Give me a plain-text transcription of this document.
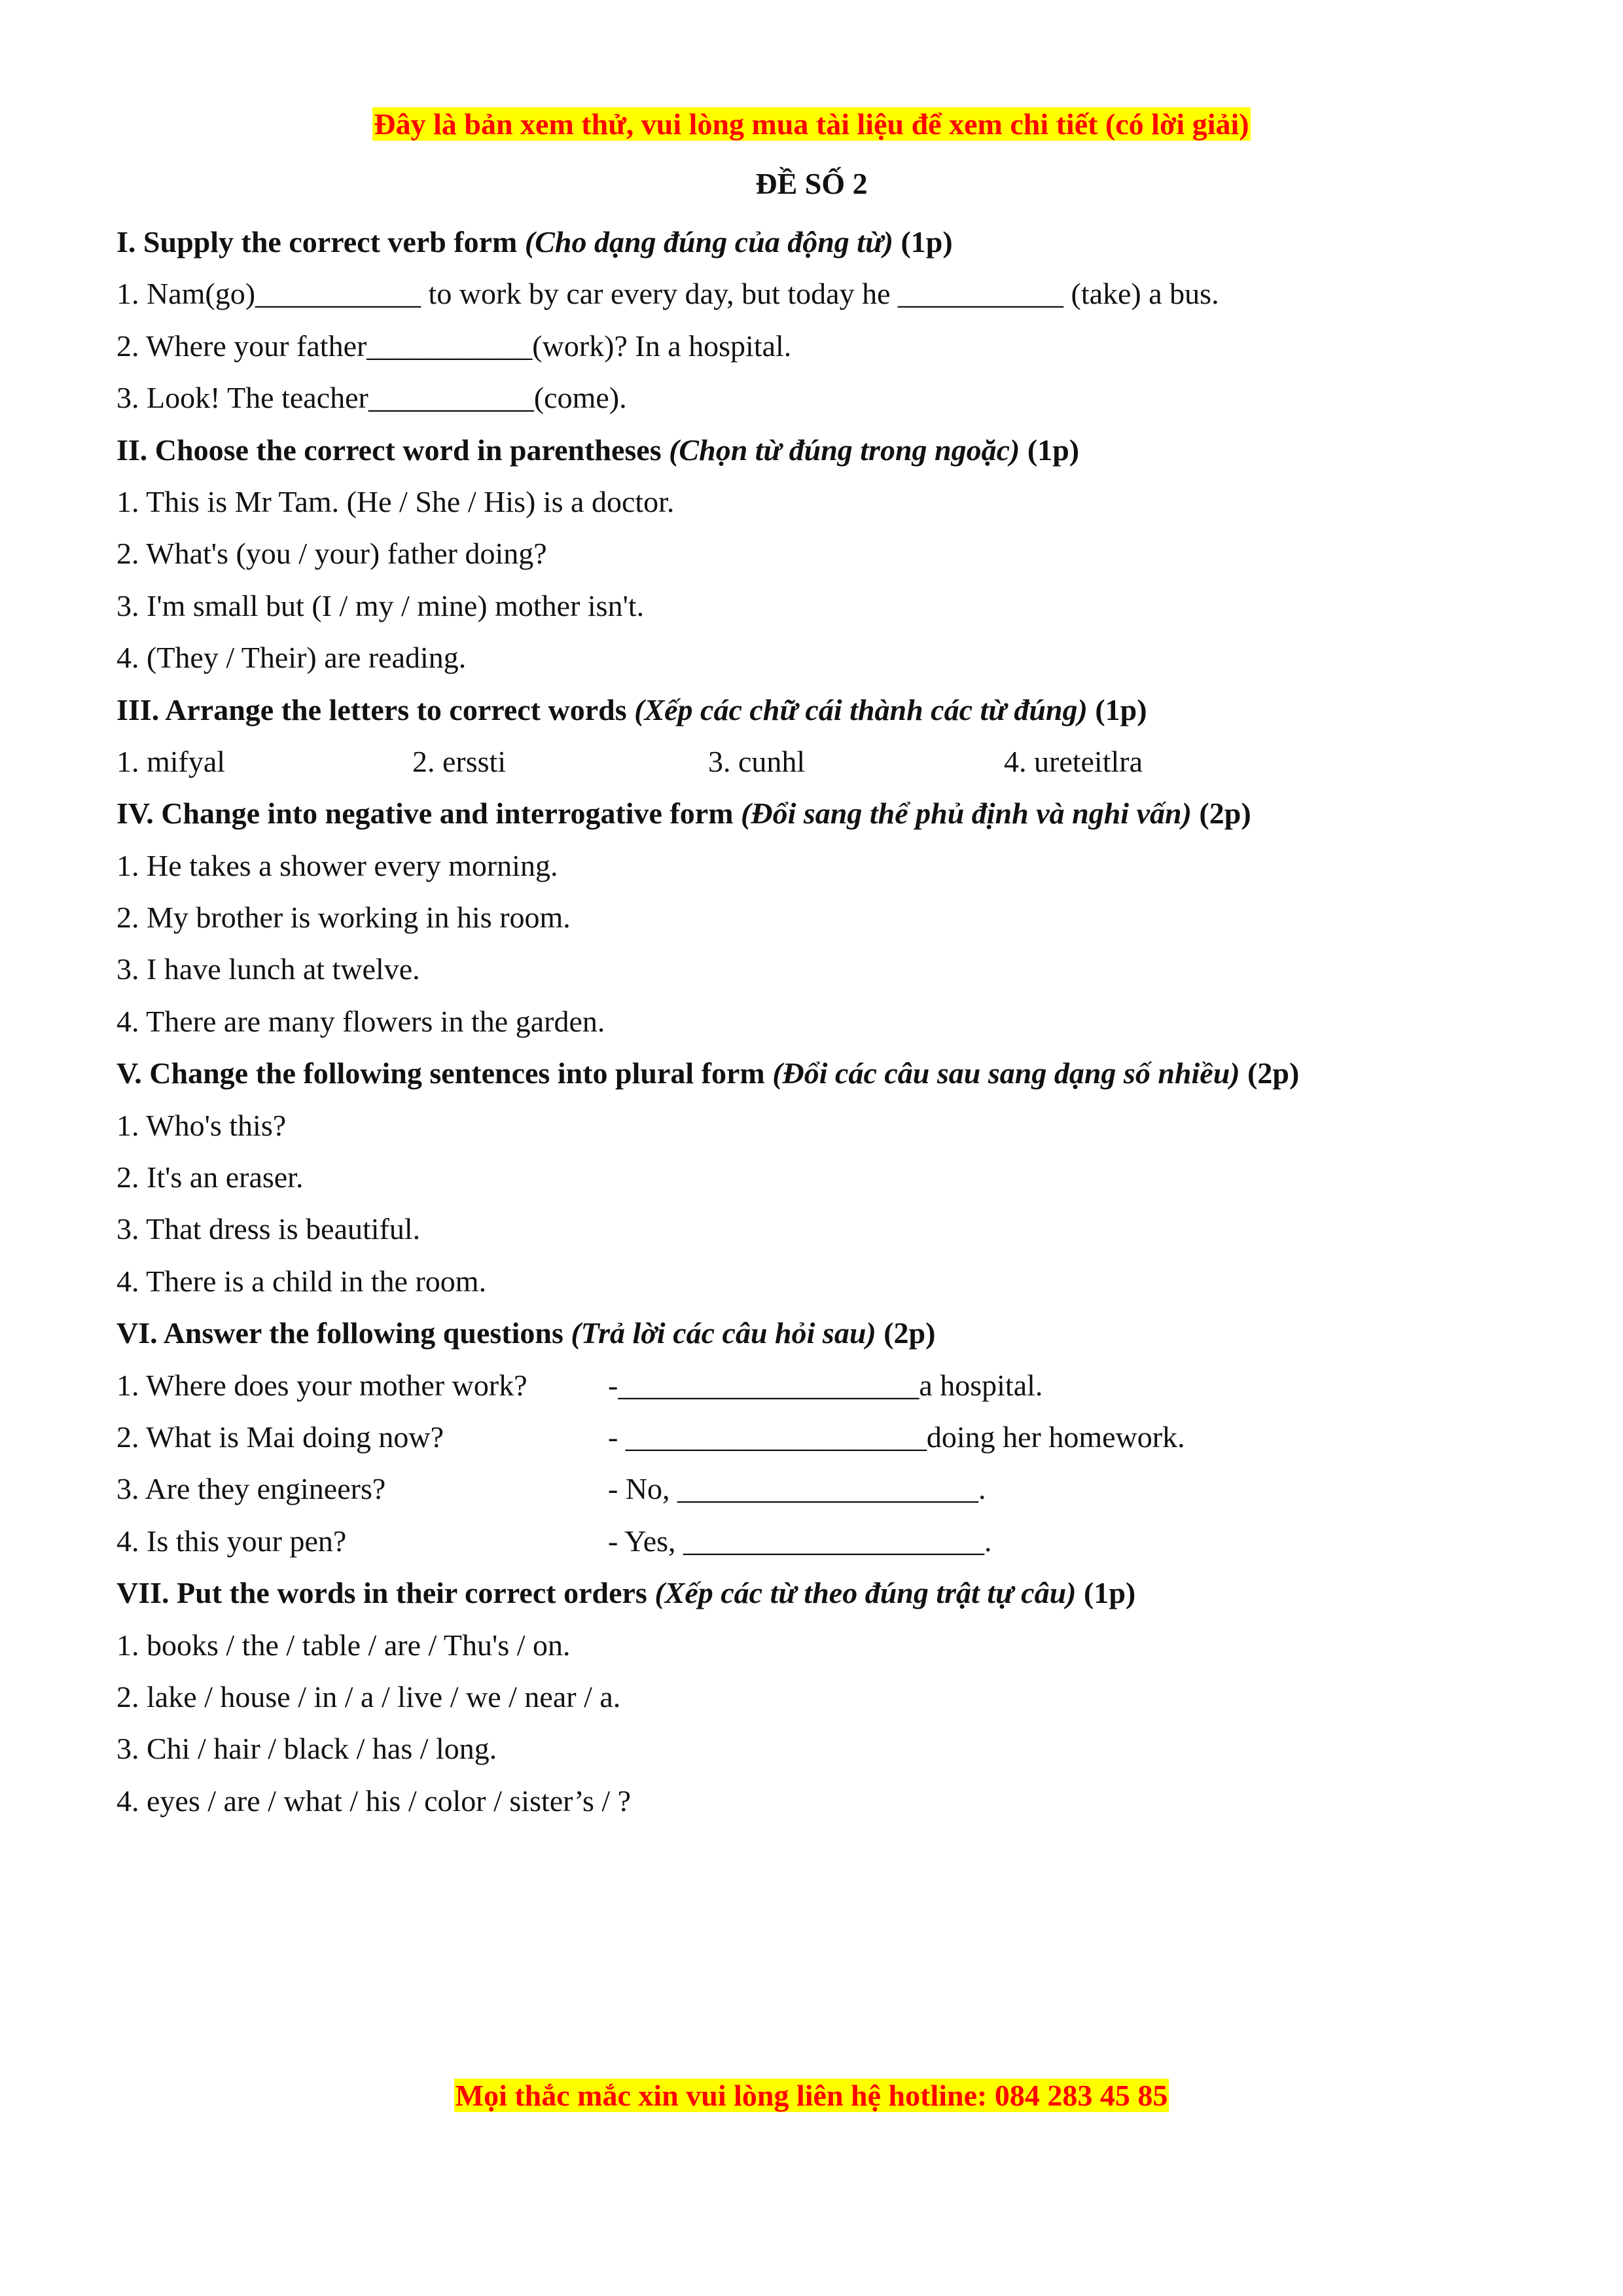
Đây là bản xem thử, vui lòng mua tài liệu để xem chi tiết (có lời giải)
ĐỀ SỐ 2
I. Supply the correct verb form (Cho dạng đúng của động từ) (1p)
1. Nam(go)___________ to work by car every day, but today he ___________ (take) a bus.
2. Where your father___________(work)? In a hospital.
3. Look! The teacher___________(come).
II. Choose the correct word in parentheses (Chọn từ đúng trong ngoặc) (1p)
1. This is Mr Tam. (He / She / His) is a doctor.
2. What's (you / your) father doing?
3. I'm small but (I / my / mine) mother isn't.
4. (They / Their) are reading.
III. Arrange the letters to correct words (Xếp các chữ cái thành các từ đúng) (1p)
1. mifyal	2. erssti	3. cunhl	4. ureteitlra
IV. Change into negative and interrogative form (Đổi sang thể phủ định và nghi vấn) (2p)
1. He takes a shower every morning.
2. My brother is working in his room.
3. I have lunch at twelve.
4. There are many flowers in the garden.
V. Change the following sentences into plural form (Đổi các câu sau sang dạng số nhiều) (2p)
1. Who's this?
2. It's an eraser.
3. That dress is beautiful.
4. There is a child in the room.
VI. Answer the following questions (Trả lời các câu hỏi sau) (2p)
1. Where does your mother work?	-____________________a hospital.
2. What is Mai doing now?	- ____________________doing her homework.
3. Are they engineers?	- No, ____________________.
4. Is this your pen?	- Yes, ____________________.
VII. Put the words in their correct orders (Xếp các từ theo đúng trật tự câu) (1p)
1. books / the / table / are / Thu's / on.
2. lake / house / in / a / live / we / near / a.
3. Chi / hair / black / has / long.
4. eyes / are / what / his / color / sister’s / ?
Mọi thắc mắc xin vui lòng liên hệ hotline: 084 283 45 85
